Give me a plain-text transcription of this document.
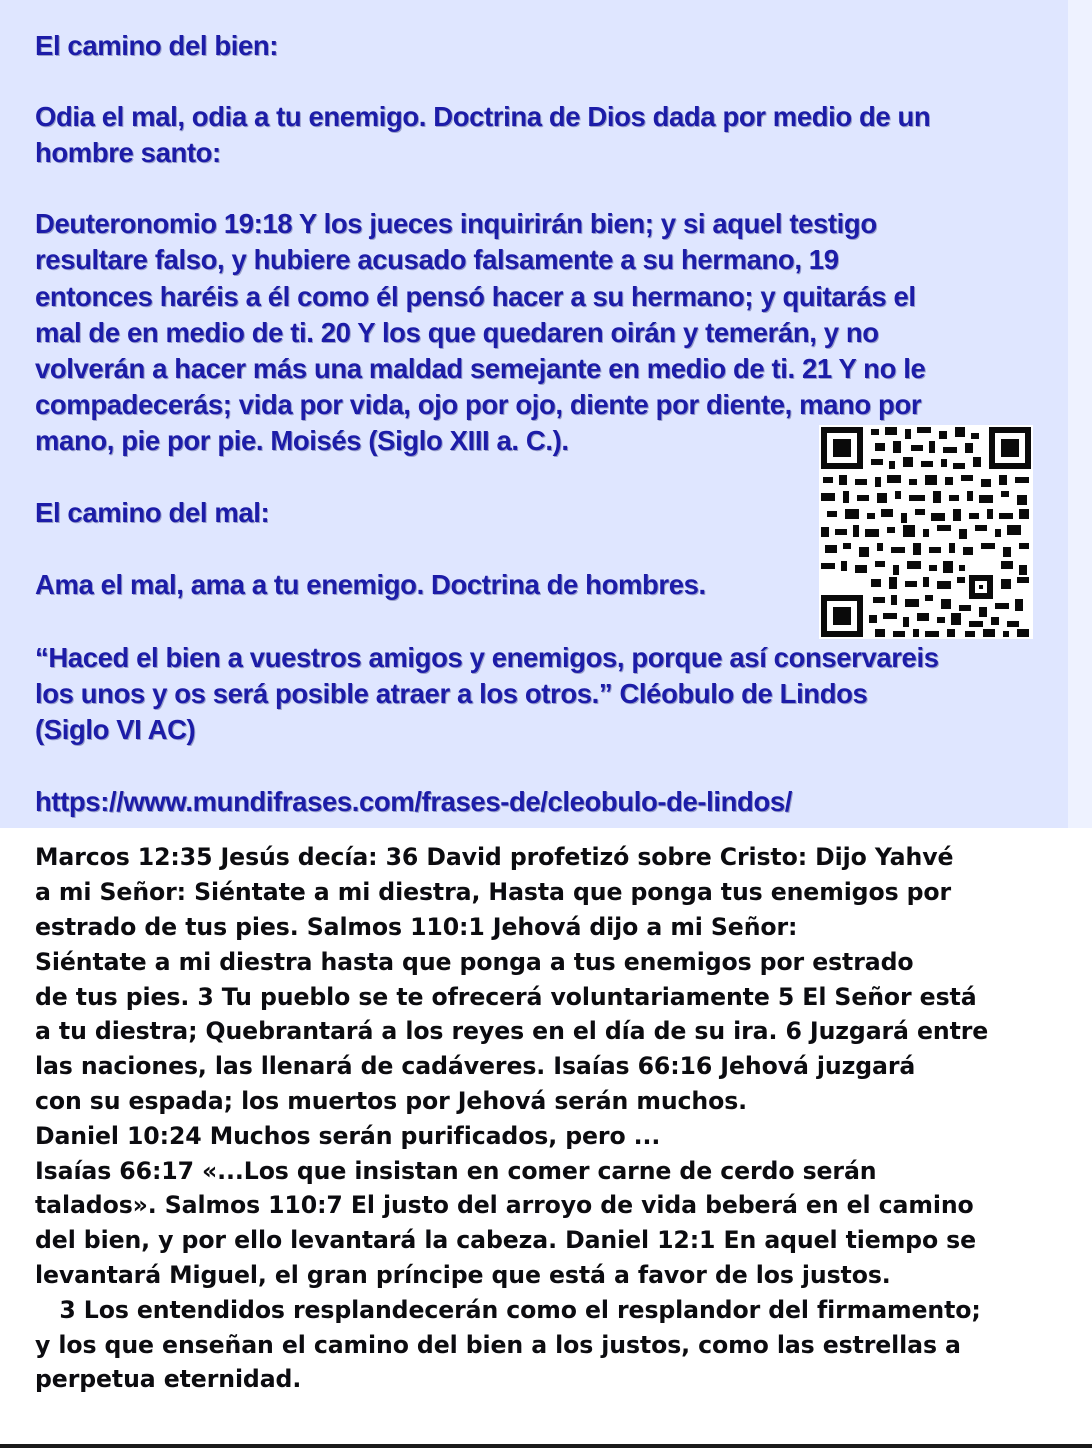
El camino del bien:
Odia el mal, odia a tu enemigo. Doctrina de Dios dada por medio de un
hombre santo:
Deuteronomio 19:18 Y los jueces inquirirán bien; y si aquel testigo
resultare falso, y hubiere acusado falsamente a su hermano, 19
entonces haréis a él como él pensó hacer a su hermano; y quitarás el
mal de en medio de ti. 20 Y los que quedaren oirán y temerán, y no
volverán a hacer más una maldad semejante en medio de ti. 21 Y no le
compadecerás; vida por vida, ojo por ojo, diente por diente, mano por
mano, pie por pie. Moisés (Siglo XIII a. C.).
El camino del mal:
Ama el mal, ama a tu enemigo. Doctrina de hombres.
“Haced el bien a vuestros amigos y enemigos, porque así conservareis
los unos y os será posible atraer a los otros.” Cléobulo de Lindos
(Siglo VI AC)
https://www.mundifrases.com/frases-de/cleobulo-de-lindos/
Marcos 12:35 Jesús decía: 36 David profetizó sobre Cristo: Dijo Yahvé
a mi Señor: Siéntate a mi diestra, Hasta que ponga tus enemigos por
estrado de tus pies. Salmos 110:1 Jehová dijo a mi Señor:
Siéntate a mi diestra hasta que ponga a tus enemigos por estrado
de tus pies. 3 Tu pueblo se te ofrecerá voluntariamente 5 El Señor está
a tu diestra; Quebrantará a los reyes en el día de su ira. 6 Juzgará entre
las naciones, las llenará de cadáveres. Isaías 66:16 Jehová juzgará
con su espada; los muertos por Jehová serán muchos.
Daniel 10:24 Muchos serán purificados, pero ...
Isaías 66:17 «...Los que insistan en comer carne de cerdo serán
talados». Salmos 110:7 El justo del arroyo de vida beberá en el camino
del bien, y por ello levantará la cabeza. Daniel 12:1 En aquel tiempo se
levantará Miguel, el gran príncipe que está a favor de los justos.
3 Los entendidos resplandecerán como el resplandor del firmamento;
y los que enseñan el camino del bien a los justos, como las estrellas a
perpetua eternidad.
